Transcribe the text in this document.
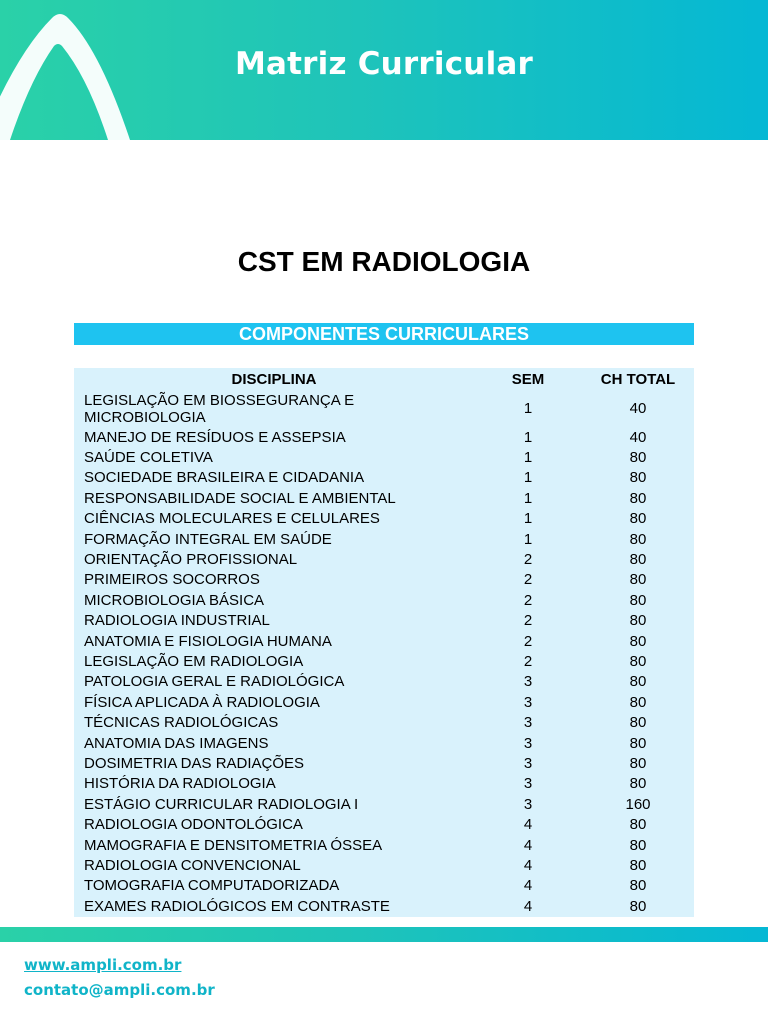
Matriz Curricular
CST EM RADIOLOGIA
COMPONENTES CURRICULARES
DISCIPLINA	SEM	CH TOTAL
LEGISLAÇÃO EM BIOSSEGURANÇA E MICROBIOLOGIA	1	40
MANEJO DE RESÍDUOS E ASSEPSIA	1	40
SAÚDE COLETIVA	1	80
SOCIEDADE BRASILEIRA E CIDADANIA	1	80
RESPONSABILIDADE SOCIAL E AMBIENTAL	1	80
CIÊNCIAS MOLECULARES E CELULARES	1	80
FORMAÇÃO INTEGRAL EM SAÚDE	1	80
ORIENTAÇÃO PROFISSIONAL	2	80
PRIMEIROS SOCORROS	2	80
MICROBIOLOGIA BÁSICA	2	80
RADIOLOGIA INDUSTRIAL	2	80
ANATOMIA E FISIOLOGIA HUMANA	2	80
LEGISLAÇÃO EM RADIOLOGIA	2	80
PATOLOGIA GERAL E RADIOLÓGICA	3	80
FÍSICA APLICADA À RADIOLOGIA	3	80
TÉCNICAS RADIOLÓGICAS	3	80
ANATOMIA DAS IMAGENS	3	80
DOSIMETRIA DAS RADIAÇÕES	3	80
HISTÓRIA DA RADIOLOGIA	3	80
ESTÁGIO CURRICULAR RADIOLOGIA I	3	160
RADIOLOGIA ODONTOLÓGICA	4	80
MAMOGRAFIA E DENSITOMETRIA ÓSSEA	4	80
RADIOLOGIA CONVENCIONAL	4	80
TOMOGRAFIA COMPUTADORIZADA	4	80
EXAMES RADIOLÓGICOS EM CONTRASTE	4	80
www.ampli.com.br
contato@ampli.com.br
